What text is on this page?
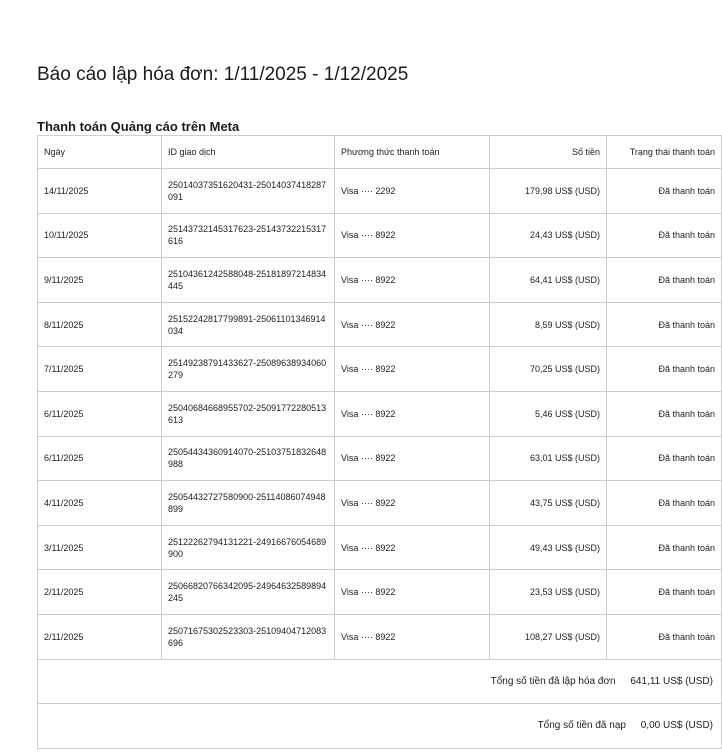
Báo cáo lập hóa đơn: 1/11/2025 - 1/12/2025
Thanh toán Quảng cáo trên Meta
Ngày	ID giao dịch	Phương thức thanh toán	Số tiền	Trạng thái thanh toán
14/11/2025	25014037351620431-25014037418287091	Visa ···· 2292	179,98 US$ (USD)	Đã thanh toán
10/11/2025	25143732145317623-25143732215317616	Visa ···· 8922	24,43 US$ (USD)	Đã thanh toán
9/11/2025	25104361242588048-25181897214834445	Visa ···· 8922	64,41 US$ (USD)	Đã thanh toán
8/11/2025	25152242817799891-25061101346914034	Visa ···· 8922	8,59 US$ (USD)	Đã thanh toán
7/11/2025	25149238791433627-25089638934060279	Visa ···· 8922	70,25 US$ (USD)	Đã thanh toán
6/11/2025	25040684668955702-25091772280513613	Visa ···· 8922	5,46 US$ (USD)	Đã thanh toán
6/11/2025	25054434360914070-25103751832648988	Visa ···· 8922	63,01 US$ (USD)	Đã thanh toán
4/11/2025	25054432727580900-25114086074948899	Visa ···· 8922	43,75 US$ (USD)	Đã thanh toán
3/11/2025	25122262794131221-24916676054689900	Visa ···· 8922	49,43 US$ (USD)	Đã thanh toán
2/11/2025	25066820766342095-24964632589894245	Visa ···· 8922	23,53 US$ (USD)	Đã thanh toán
2/11/2025	25071675302523303-25109404712083696	Visa ···· 8922	108,27 US$ (USD)	Đã thanh toán
Tổng số tiền đã lập hóa đơn 641,11 US$ (USD)				
Tổng số tiền đã nạp 0,00 US$ (USD)				
